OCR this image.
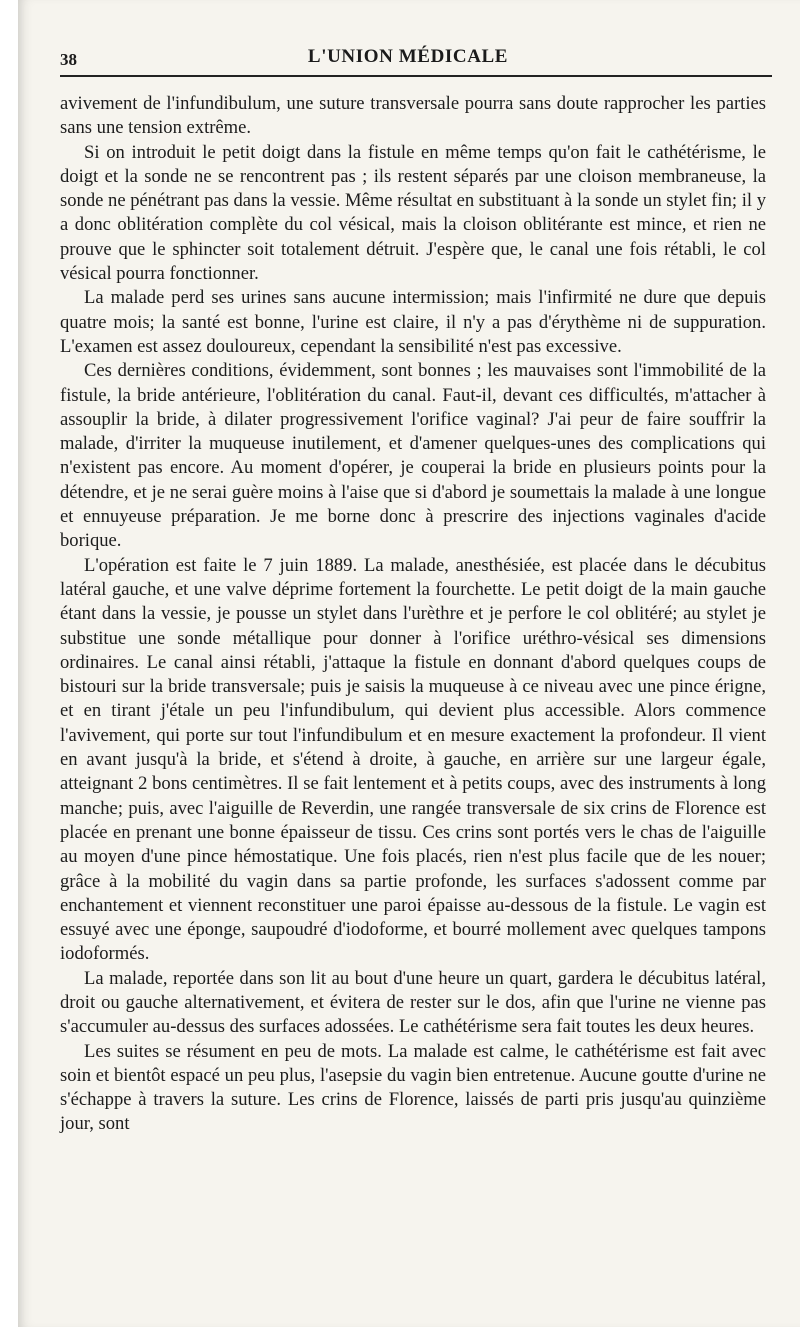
38	L'UNION MÉDICALE

avivement de l'infundibulum, une suture transversale pourra sans doute rapprocher les parties sans une tension extrême.

Si on introduit le petit doigt dans la fistule en même temps qu'on fait le cathétérisme, le doigt et la sonde ne se rencontrent pas ; ils restent séparés par une cloison membraneuse, la sonde ne pénétrant pas dans la vessie. Même résultat en substituant à la sonde un stylet fin; il y a donc oblitération complète du col vésical, mais la cloison oblitérante est mince, et rien ne prouve que le sphincter soit totalement détruit. J'espère que, le canal une fois rétabli, le col vésical pourra fonctionner.

La malade perd ses urines sans aucune intermission; mais l'infirmité ne dure que depuis quatre mois; la santé est bonne, l'urine est claire, il n'y a pas d'érythème ni de suppuration. L'examen est assez douloureux, cependant la sensibilité n'est pas excessive.

Ces dernières conditions, évidemment, sont bonnes ; les mauvaises sont l'immobilité de la fistule, la bride antérieure, l'oblitération du canal. Faut-il, devant ces difficultés, m'attacher à assouplir la bride, à dilater progressivement l'orifice vaginal? J'ai peur de faire souffrir la malade, d'irriter la muqueuse inutilement, et d'amener quelques-unes des complications qui n'existent pas encore. Au moment d'opérer, je couperai la bride en plusieurs points pour la détendre, et je ne serai guère moins à l'aise que si d'abord je soumettais la malade à une longue et ennuyeuse préparation. Je me borne donc à prescrire des injections vaginales d'acide borique.

L'opération est faite le 7 juin 1889. La malade, anesthésiée, est placée dans le décubitus latéral gauche, et une valve déprime fortement la fourchette. Le petit doigt de la main gauche étant dans la vessie, je pousse un stylet dans l'urèthre et je perfore le col oblitéré; au stylet je substitue une sonde métallique pour donner à l'orifice uréthro-vésical ses dimensions ordinaires. Le canal ainsi rétabli, j'attaque la fistule en donnant d'abord quelques coups de bistouri sur la bride transversale; puis je saisis la muqueuse à ce niveau avec une pince érigne, et en tirant j'étale un peu l'infundibulum, qui devient plus accessible. Alors commence l'avivement, qui porte sur tout l'infundibulum et en mesure exactement la profondeur. Il vient en avant jusqu'à la bride, et s'étend à droite, à gauche, en arrière sur une largeur égale, atteignant 2 bons centimètres. Il se fait lentement et à petits coups, avec des instruments à long manche; puis, avec l'aiguille de Reverdin, une rangée transversale de six crins de Florence est placée en prenant une bonne épaisseur de tissu. Ces crins sont portés vers le chas de l'aiguille au moyen d'une pince hémostatique. Une fois placés, rien n'est plus facile que de les nouer; grâce à la mobilité du vagin dans sa partie profonde, les surfaces s'adossent comme par enchantement et viennent reconstituer une paroi épaisse au-dessous de la fistule. Le vagin est essuyé avec une éponge, saupoudré d'iodoforme, et bourré mollement avec quelques tampons iodoformés.

La malade, reportée dans son lit au bout d'une heure un quart, gardera le décubitus latéral, droit ou gauche alternativement, et évitera de rester sur le dos, afin que l'urine ne vienne pas s'accumuler au-dessus des surfaces adossées. Le cathétérisme sera fait toutes les deux heures.

Les suites se résument en peu de mots. La malade est calme, le cathétérisme est fait avec soin et bientôt espacé un peu plus, l'asepsie du vagin bien entretenue. Aucune goutte d'urine ne s'échappe à travers la suture. Les crins de Florence, laissés de parti pris jusqu'au quinzième jour, sont
